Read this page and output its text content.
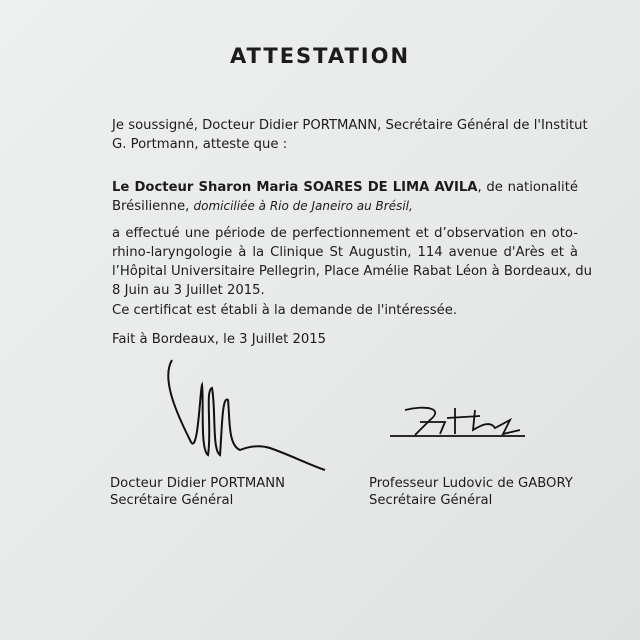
ATTESTATION
Je soussigné, Docteur Didier PORTMANN, Secrétaire Général de l'Institut
G. Portmann, atteste que :
Le Docteur Sharon Maria SOARES DE LIMA AVILA, de nationalité
Brésilienne, domiciliée à Rio de Janeiro au Brésil,
a effectué une période de perfectionnement et d’observation en oto-
rhino-laryngologie à la Clinique St Augustin, 114 avenue d'Arès et à
l’Hôpital Universitaire Pellegrin, Place Amélie Rabat Léon à Bordeaux, du
8 Juin au 3 Juillet 2015.
Ce certificat est établi à la demande de l'intéressée.
Fait à Bordeaux, le 3 Juillet 2015
Docteur Didier PORTMANN
Secrétaire Général
Professeur Ludovic de GABORY
Secrétaire Général
